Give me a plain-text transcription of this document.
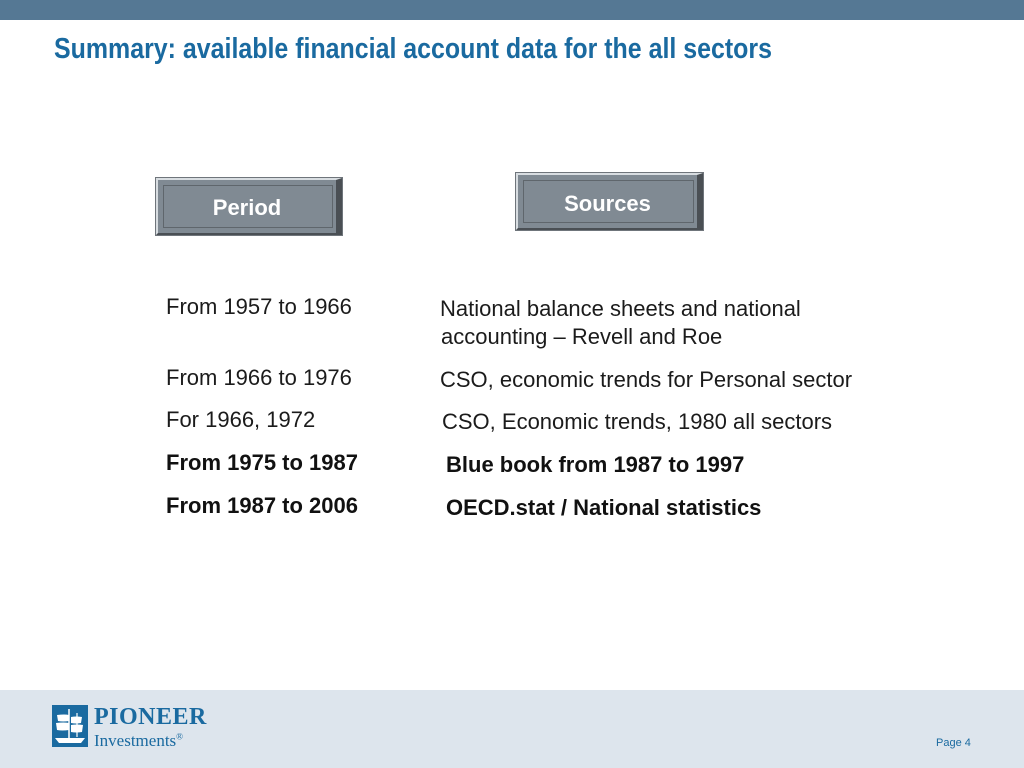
Summary: available financial account data for the all sectors
Period	Sources
From 1957 to 1966	National balance sheets and national
accounting – Revell and Roe
From 1966 to 1976	CSO, economic trends for Personal sector
For 1966, 1972	CSO, Economic trends, 1980 all sectors
From 1975 to 1987	Blue book from 1987 to 1997
From 1987 to 2006	OECD.stat / National statistics
PIONEER
Investments®
Page 4
